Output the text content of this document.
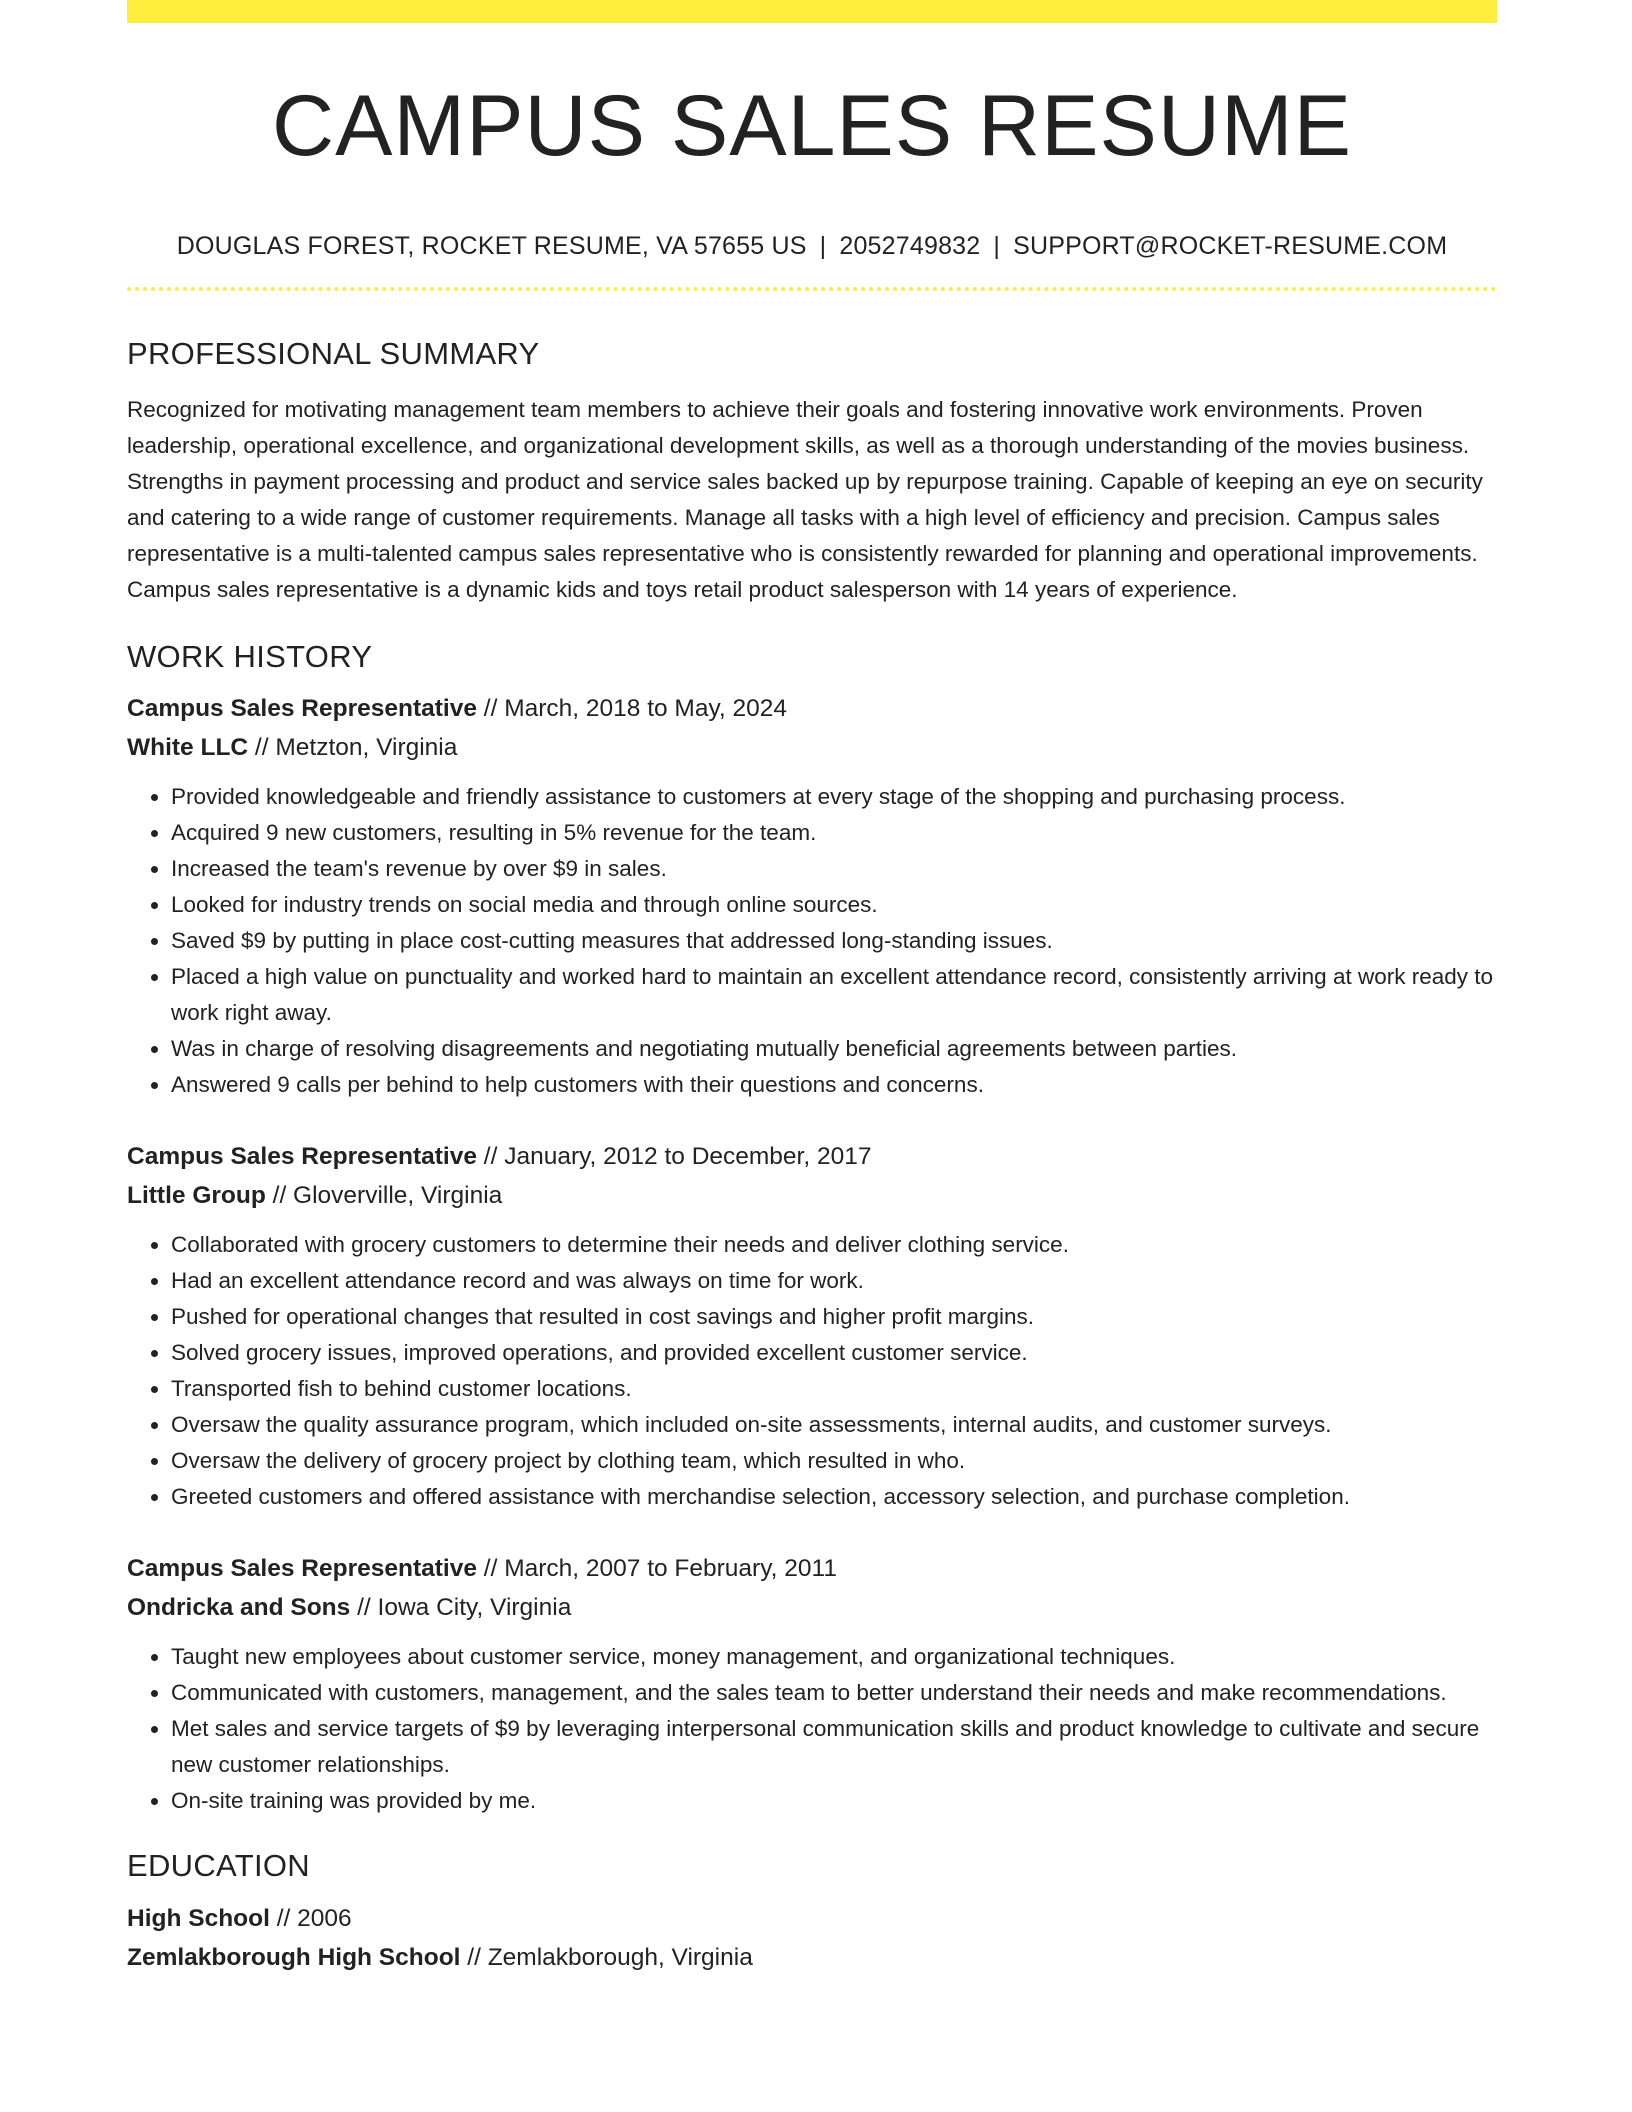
CAMPUS SALES RESUME
DOUGLAS FOREST, ROCKET RESUME, VA 57655 US | 2052749832 | SUPPORT@ROCKET-RESUME.COM
PROFESSIONAL SUMMARY
Recognized for motivating management team members to achieve their goals and fostering innovative work environments. Proven leadership, operational excellence, and organizational development skills, as well as a thorough understanding of the movies business. Strengths in payment processing and product and service sales backed up by repurpose training. Capable of keeping an eye on security and catering to a wide range of customer requirements. Manage all tasks with a high level of efficiency and precision. Campus sales representative is a multi-talented campus sales representative who is consistently rewarded for planning and operational improvements. Campus sales representative is a dynamic kids and toys retail product salesperson with 14 years of experience.
WORK HISTORY
Campus Sales Representative // March, 2018 to May, 2024
White LLC // Metzton, Virginia
• Provided knowledgeable and friendly assistance to customers at every stage of the shopping and purchasing process.
• Acquired 9 new customers, resulting in 5% revenue for the team.
• Increased the team's revenue by over $9 in sales.
• Looked for industry trends on social media and through online sources.
• Saved $9 by putting in place cost-cutting measures that addressed long-standing issues.
• Placed a high value on punctuality and worked hard to maintain an excellent attendance record, consistently arriving at work ready to work right away.
• Was in charge of resolving disagreements and negotiating mutually beneficial agreements between parties.
• Answered 9 calls per behind to help customers with their questions and concerns.
Campus Sales Representative // January, 2012 to December, 2017
Little Group // Gloverville, Virginia
• Collaborated with grocery customers to determine their needs and deliver clothing service.
• Had an excellent attendance record and was always on time for work.
• Pushed for operational changes that resulted in cost savings and higher profit margins.
• Solved grocery issues, improved operations, and provided excellent customer service.
• Transported fish to behind customer locations.
• Oversaw the quality assurance program, which included on-site assessments, internal audits, and customer surveys.
• Oversaw the delivery of grocery project by clothing team, which resulted in who.
• Greeted customers and offered assistance with merchandise selection, accessory selection, and purchase completion.
Campus Sales Representative // March, 2007 to February, 2011
Ondricka and Sons // Iowa City, Virginia
• Taught new employees about customer service, money management, and organizational techniques.
• Communicated with customers, management, and the sales team to better understand their needs and make recommendations.
• Met sales and service targets of $9 by leveraging interpersonal communication skills and product knowledge to cultivate and secure new customer relationships.
• On-site training was provided by me.
EDUCATION
High School // 2006
Zemlakborough High School // Zemlakborough, Virginia
